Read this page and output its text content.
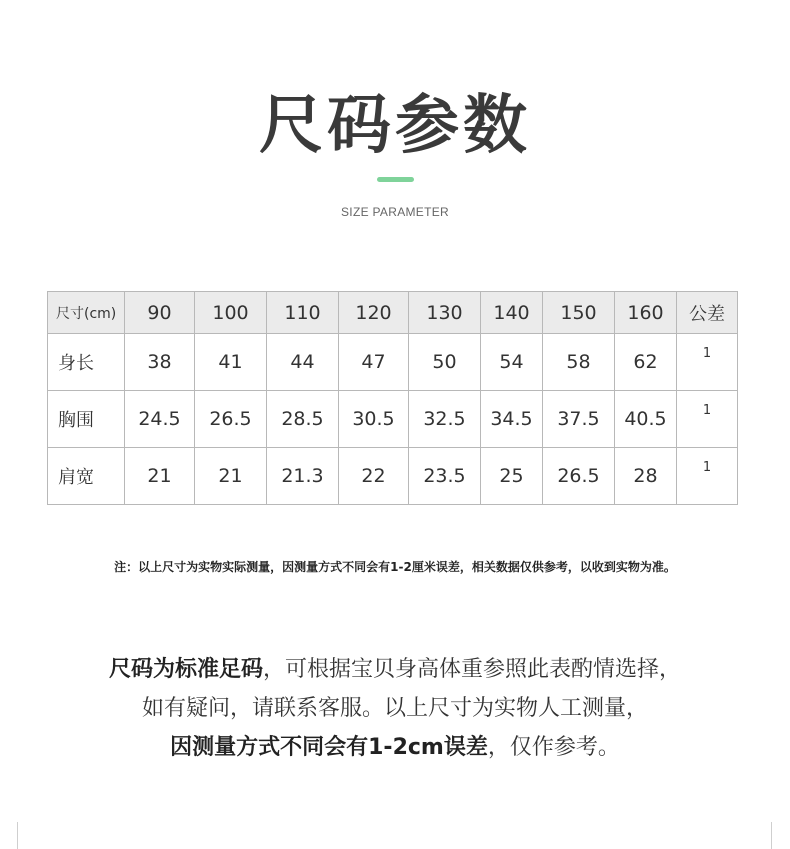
尺码参数
SIZE PARAMETER
尺寸(cm)	90	100	110	120	130	140	150	160	公差
身长	38	41	44	47	50	54	58	62	1
胸围	24.5	26.5	28.5	30.5	32.5	34.5	37.5	40.5	1
肩宽	21	21	21.3	22	23.5	25	26.5	28	1
注：以上尺寸为实物实际测量，因测量方式不同会有1-2厘米误差，相关数据仅供参考，以收到实物为准。
尺码为标准足码，可根据宝贝身高体重参照此表酌情选择，
如有疑问，请联系客服。以上尺寸为实物人工测量，
因测量方式不同会有1-2cm误差，仅作参考。
